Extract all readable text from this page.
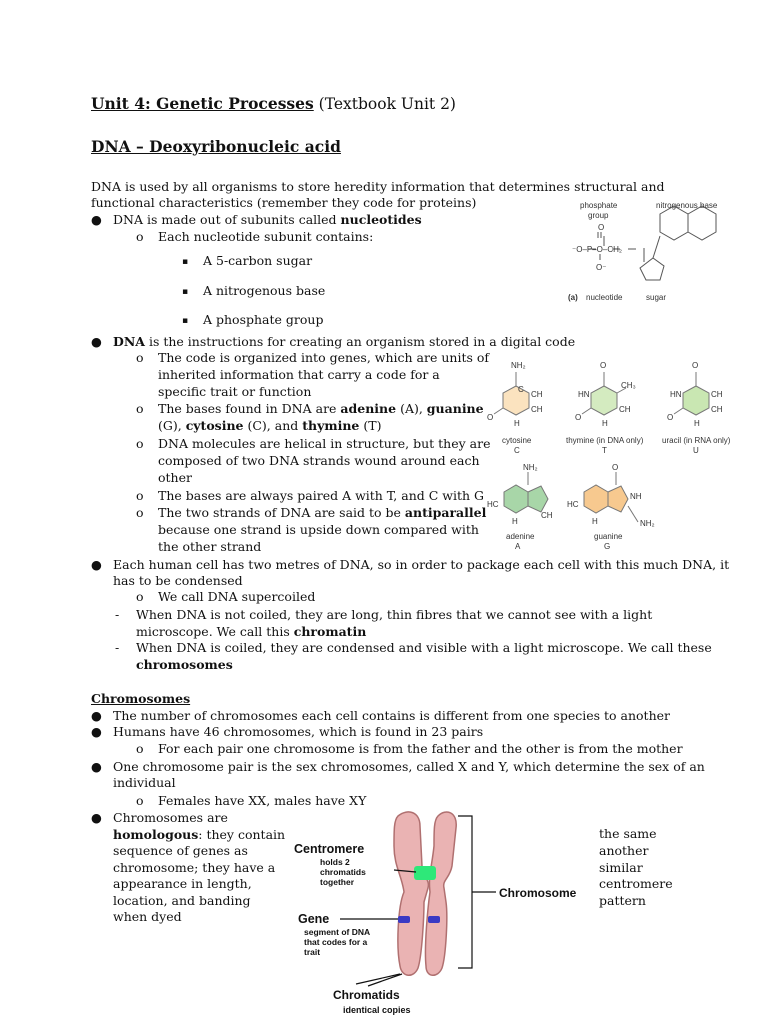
Unit 4: Genetic Processes (Textbook Unit 2)
DNA – Deoxyribonucleic acid
DNA is used by all organisms to store heredity information that determines structural and
functional characteristics (remember they code for proteins)
● DNA is made out of subunits called nucleotides
o Each nucleotide subunit contains:
▪ A 5-carbon sugar
▪ A nitrogenous base
▪ A phosphate group
● DNA is the instructions for creating an organism stored in a digital code
o The code is organized into genes, which are units of
inherited information that carry a code for a
specific trait or function
o The bases found in DNA are adenine (A), guanine
(G), cytosine (C), and thymine (T)
o DNA molecules are helical in structure, but they are
composed of two DNA strands wound around each
other
o The bases are always paired A with T, and C with G
o The two strands of DNA are said to be antiparallel
because one strand is upside down compared with
the other strand
● Each human cell has two metres of DNA, so in order to package each cell with this much DNA, it
has to be condensed
o We call DNA supercoiled
- When DNA is not coiled, they are long, thin fibres that we cannot see with a light
microscope. We call this chromatin
- When DNA is coiled, they are condensed and visible with a light microscope. We call these
chromosomes
Chromosomes
● The number of chromosomes each cell contains is different from one species to another
● Humans have 46 chromosomes, which is found in 23 pairs
o For each pair one chromosome is from the father and the other is from the mother
● One chromosome pair is the sex chromosomes, called X and Y, which determine the sex of an
individual
o Females have XX, males have XY
● Chromosomes are
homologous: they contain
sequence of genes as
chromosome; they have a
appearance in length,
location, and banding
when dyed
the same
another
similar
centromere
pattern
phosphate
group
nitrogenous base
⁻O–P–O–CH₂
O⁻
O
(a) nucleotide	sugar
NH₂
C
CH
CH
O
H
O
HN
CH₃
CH
O
H
O
HN	CH
CH
O
H
cytosine
C
thymine (in DNA only)
T
uracil (in RNA only)
U
NH₂
HC
CH
H
O
HC
NH
NH₂
H
adenine
A
guanine
G
Centromere
holds 2
chromatids
together
Gene
segment of DNA
that codes for a
trait
Chromosome
Chromatids
identical copies
